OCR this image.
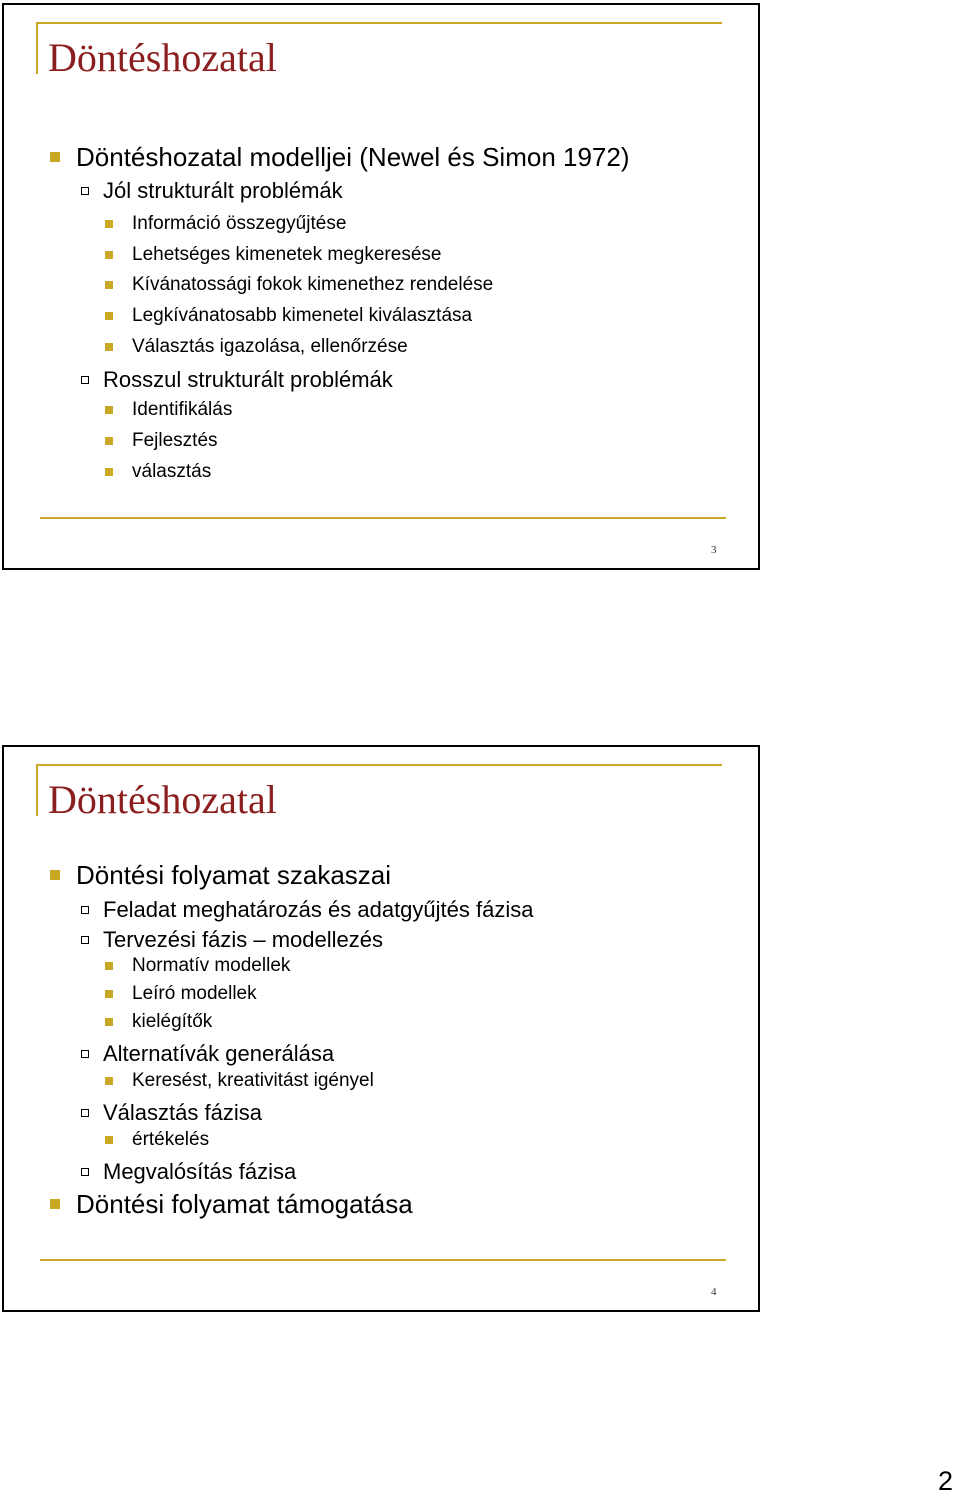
Döntéshozatal
Döntéshozatal modelljei (Newel és Simon 1972)
Jól strukturált problémák
Információ összegyűjtése
Lehetséges kimenetek megkeresése
Kívánatossági fokok kimenethez rendelése
Legkívánatosabb kimenetel kiválasztása
Választás igazolása, ellenőrzése
Rosszul strukturált problémák
Identifikálás
Fejlesztés
választás
3
Döntéshozatal
Döntési folyamat szakaszai
Feladat meghatározás és adatgyűjtés fázisa
Tervezési fázis – modellezés
Normatív modellek
Leíró modellek
kielégítők
Alternatívák generálása
Keresést, kreativitást igényel
Választás fázisa
értékelés
Megvalósítás fázisa
Döntési folyamat támogatása
4
2
